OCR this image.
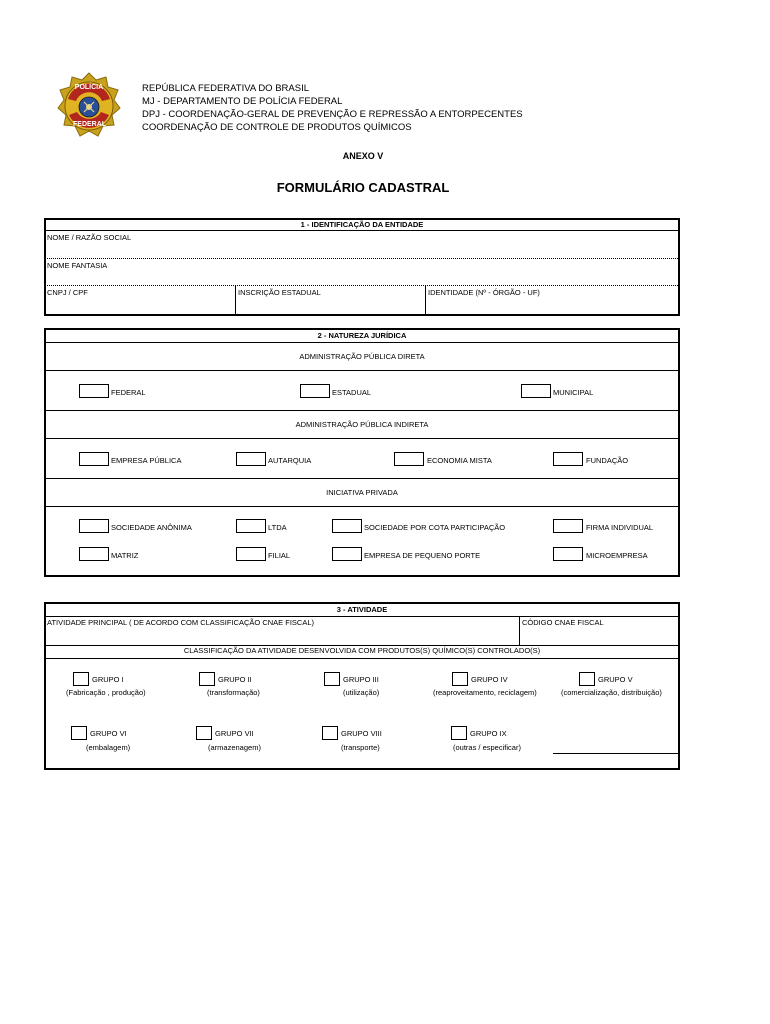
POLÍCIA
FEDERAL
REPÚBLICA FEDERATIVA DO BRASIL
MJ - DEPARTAMENTO DE POLÍCIA FEDERAL
DPJ - COORDENAÇÃO-GERAL DE PREVENÇÃO E REPRESSÃO A ENTORPECENTES
COORDENAÇÃO DE CONTROLE DE PRODUTOS QUÍMICOS
ANEXO V
FORMULÁRIO CADASTRAL
1 - IDENTIFICAÇÃO DA ENTIDADE
NOME / RAZÃO SOCIAL
NOME FANTASIA
CNPJ / CPF	INSCRIÇÃO ESTADUAL	IDENTIDADE (Nº - ÓRGÃO - UF)
2 - NATUREZA JURÍDICA
ADMINISTRAÇÃO PÚBLICA DIRETA
FEDERAL	ESTADUAL	MUNICIPAL
ADMINISTRAÇÃO PÚBLICA INDIRETA
EMPRESA PÚBLICA	AUTARQUIA	ECONOMIA MISTA	FUNDAÇÃO
INICIATIVA PRIVADA
SOCIEDADE ANÔNIMA	LTDA	SOCIEDADE POR COTA PARTICIPAÇÃO	FIRMA INDIVIDUAL
MATRIZ	FILIAL	EMPRESA DE PEQUENO PORTE	MICROEMPRESA
3 - ATIVIDADE
ATIVIDADE PRINCIPAL ( DE ACORDO COM CLASSIFICAÇÃO CNAE FISCAL)	CÓDIGO CNAE FISCAL
CLASSIFICAÇÃO DA ATIVIDADE DESENVOLVIDA COM PRODUTOS(S) QUÍMICO(S) CONTROLADO(S)
GRUPO I
(Fabricação , produção)
GRUPO II
(transformação)
GRUPO III
(utilização)
GRUPO IV
(reaproveitamento, reciclagem)
GRUPO V
(comercialização, distribuição)
GRUPO VI
(embalagem)
GRUPO VII
(armazenagem)
GRUPO VIII
(transporte)
GRUPO IX
(outras / especificar)
